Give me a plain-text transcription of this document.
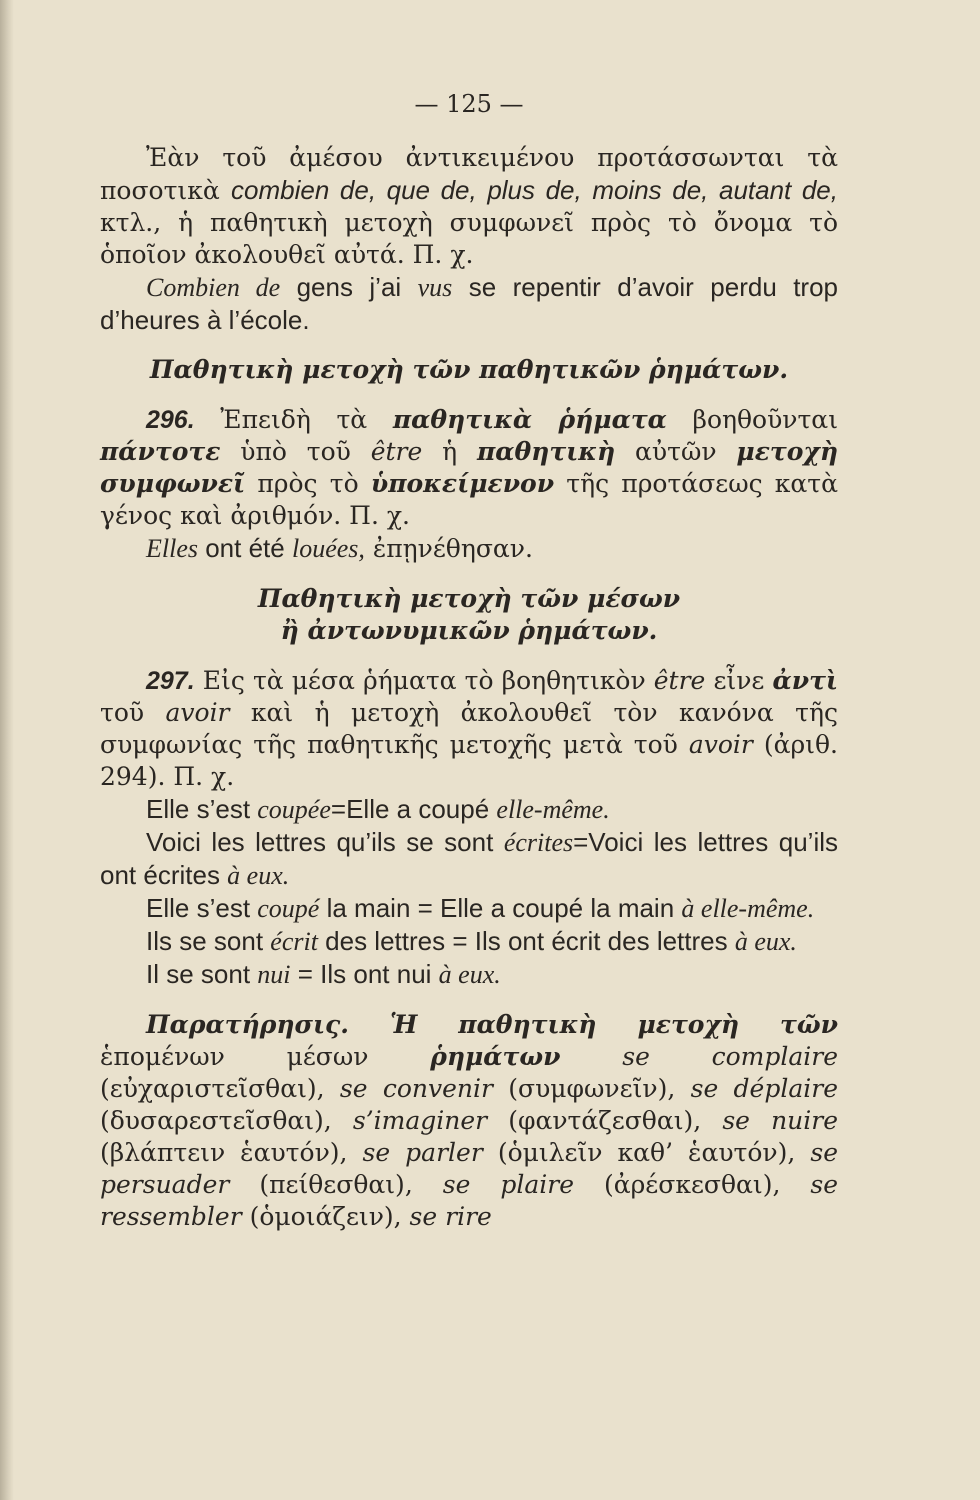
— 125 —

Ἐὰν τοῦ ἀμέσου ἀντικειμένου προτάσσωνται τὰ ποσοτικὰ combien de, que de, plus de, moins de, autant de, κτλ., ἡ παθητικὴ μετοχὴ συμφωνεῖ πρὸς τὸ ὄνομα τὸ ὁποῖον ἀκολουθεῖ αὐτά. Π. χ.

Combien de gens j’ai vus se repentir d’avoir perdu trop d’heures à l’école.

Παθητικὴ μετοχὴ τῶν παθητικῶν ῥημάτων.

296. Ἐπειδὴ τὰ παθητικὰ ῥήματα βοηθοῦνται πάντοτε ὑπὸ τοῦ être ἡ παθητικὴ αὐτῶν μετοχὴ συμφωνεῖ πρὸς τὸ ὑποκείμενον τῆς προτάσεως κατὰ γένος καὶ ἀριθμόν. Π. χ.

Elles ont été louées, ἐπῃνέθησαν.

Παθητικὴ μετοχὴ τῶν μέσων
ἢ ἀντωνυμικῶν ῥημάτων.

297. Εἰς τὰ μέσα ῥήματα τὸ βοηθητικὸν être εἶνε ἀντὶ τοῦ avoir καὶ ἡ μετοχὴ ἀκολουθεῖ τὸν κανόνα τῆς συμφωνίας τῆς παθητικῆς μετοχῆς μετὰ τοῦ avoir (ἀριθ. 294). Π. χ.

Elle s’est coupée=Elle a coupé elle-même.

Voici les lettres qu’ils se sont écrites=Voici les lettres qu’ils ont écrites à eux.

Elle s’est coupé la main = Elle a coupé la main à elle-même.

Ils se sont écrit des lettres = Ils ont écrit des lettres à eux.

Il se sont nui = Ils ont nui à eux.

Παρατήρησις. Ἡ παθητικὴ μετοχὴ τῶν ἑπομένων μέσων ῥημάτων se complaire (εὐχαριστεῖσθαι), se convenir (συμφωνεῖν), se déplaire (δυσαρεστεῖσθαι), s’imaginer (φαντάζεσθαι), se nuire (βλάπτειν ἑαυτόν), se parler (ὁμιλεῖν καθ’ ἑαυτόν), se persuader (πείθεσθαι), se plaire (ἀρέσκεσθαι), se ressembler (ὁμοιάζειν), se rire
